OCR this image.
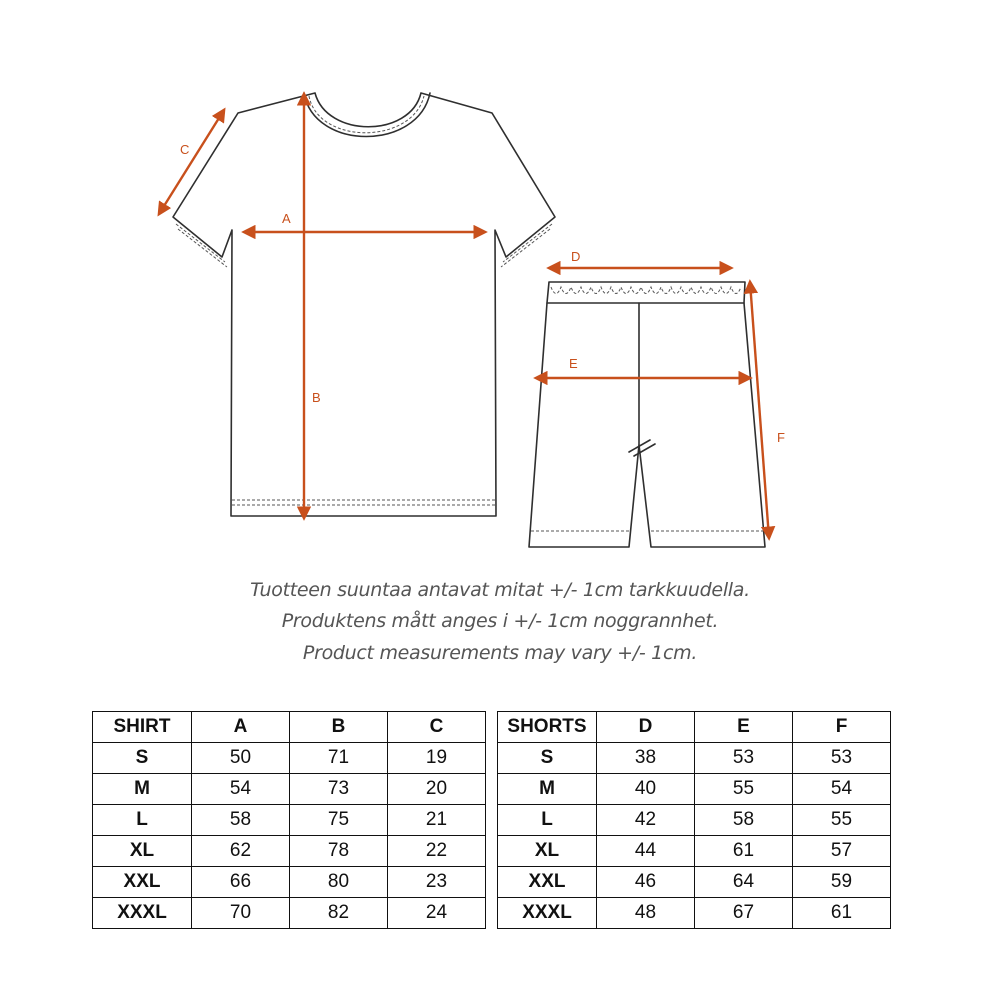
A
B
C
D
E
F
Tuotteen suuntaa antavat mitat +/- 1cm tarkkuudella.
Produktens mått anges i +/- 1cm noggrannhet.
Product measurements may vary +/- 1cm.
SHIRT	A	B	C
S	50	71	19
M	54	73	20
L	58	75	21
XL	62	78	22
XXL	66	80	23
XXXL	70	82	24
SHORTS	D	E	F
S	38	53	53
M	40	55	54
L	42	58	55
XL	44	61	57
XXL	46	64	59
XXXL	48	67	61
